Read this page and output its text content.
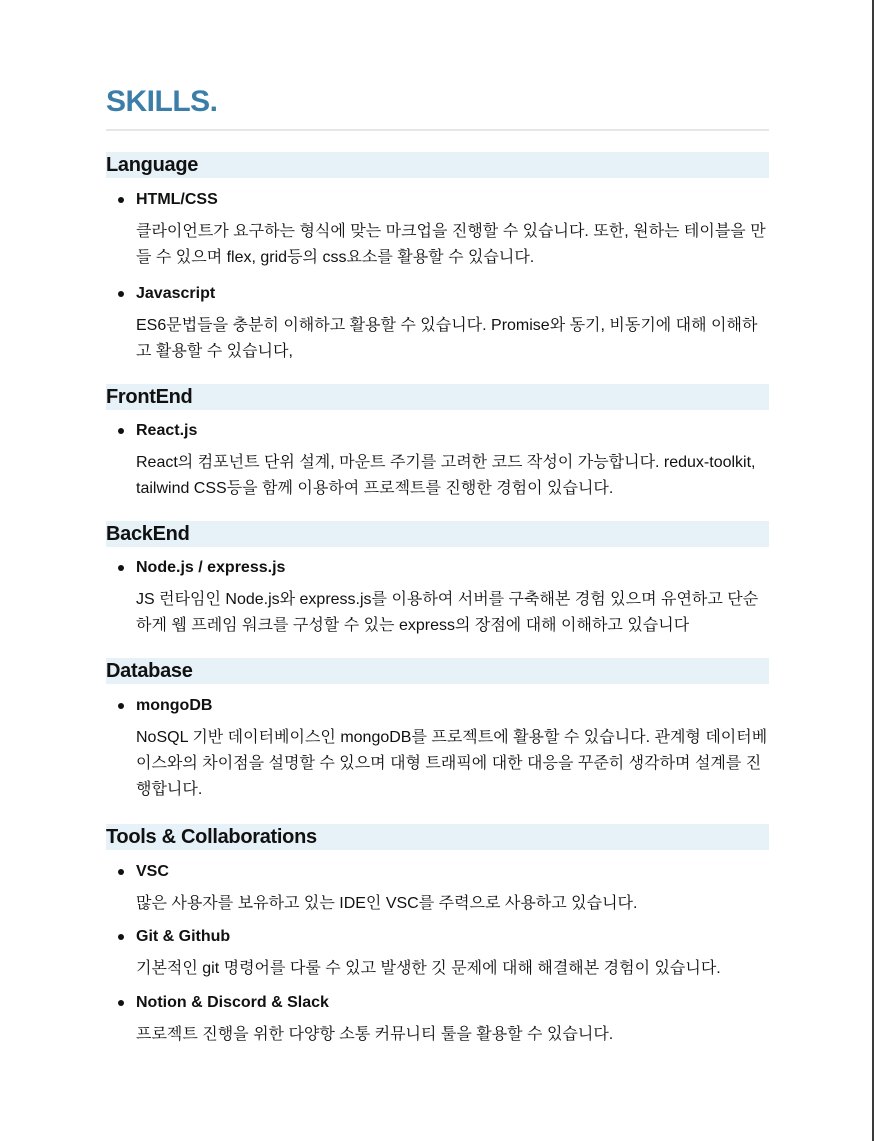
SKILLS.
Language
HTML/CSS
클라이언트가 요구하는 형식에 맞는 마크업을 진행할 수 있습니다. 또한, 원하는 테이블을 만들 수 있으며 flex, grid등의 css요소를 활용할 수 있습니다.
Javascript
ES6문법들을 충분히 이해하고 활용할 수 있습니다. Promise와 동기, 비동기에 대해 이해하고 활용할 수 있습니다,
FrontEnd
React.js
React의 컴포넌트 단위 설계, 마운트 주기를 고려한 코드 작성이 가능합니다. redux-toolkit, tailwind CSS등을 함께 이용하여 프로젝트를 진행한 경험이 있습니다.
BackEnd
Node.js / express.js
JS 런타임인 Node.js와 express.js를 이용하여 서버를 구축해본 경험 있으며 유연하고 단순하게 웹 프레임 워크를 구성할 수 있는 express의 장점에 대해 이해하고 있습니다
Database
mongoDB
NoSQL 기반 데이터베이스인 mongoDB를 프로젝트에 활용할 수 있습니다. 관계형 데이터베이스와의 차이점을 설명할 수 있으며 대형 트래픽에 대한 대응을 꾸준히 생각하며 설계를 진행합니다.
Tools & Collaborations
VSC
많은 사용자를 보유하고 있는 IDE인 VSC를 주력으로 사용하고 있습니다.
Git & Github
기본적인 git 명령어를 다룰 수 있고 발생한 깃 문제에 대해 해결해본 경험이 있습니다.
Notion & Discord & Slack
프로젝트 진행을 위한 다양항 소통 커뮤니티 툴을 활용할 수 있습니다.
